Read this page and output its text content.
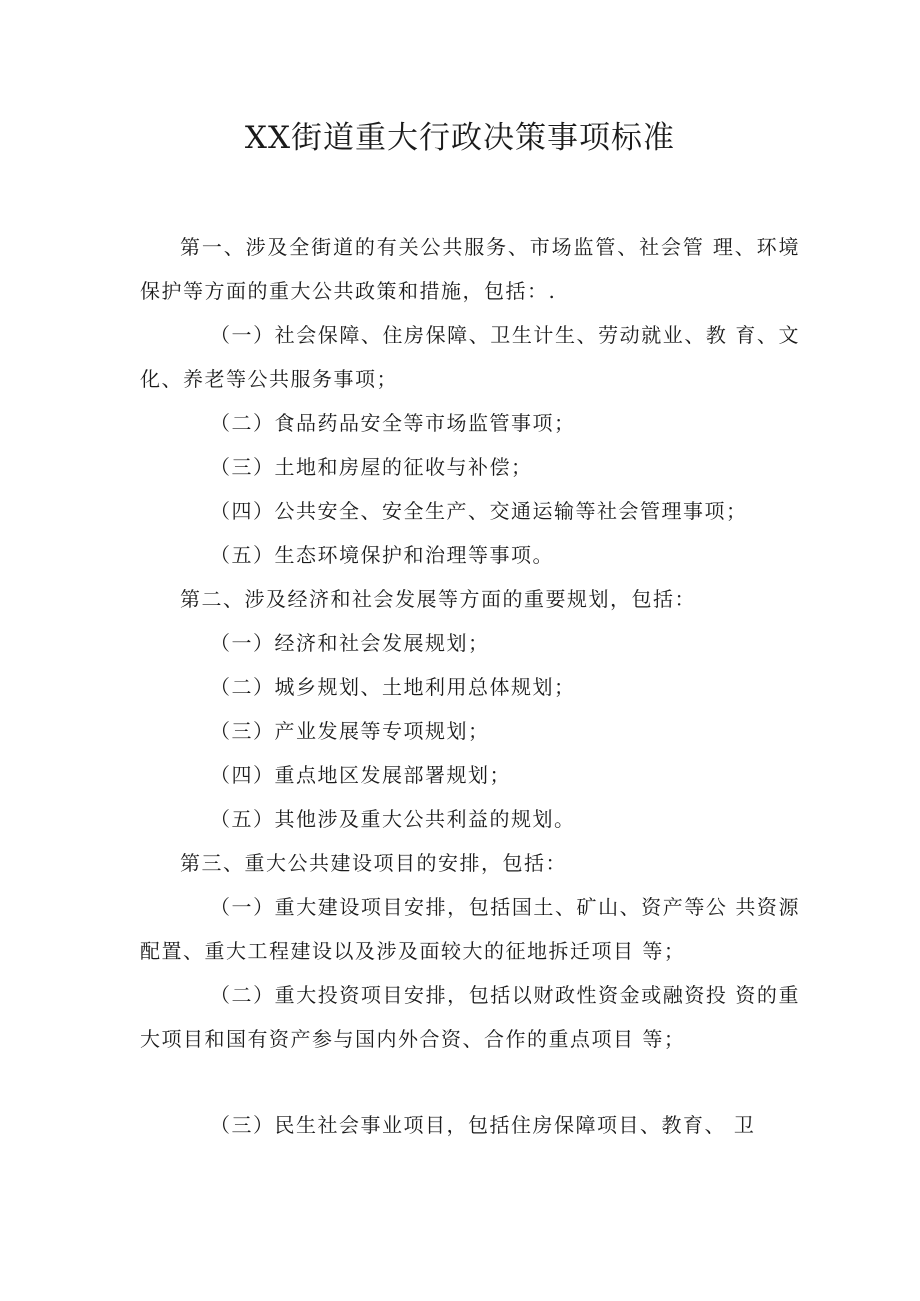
XX街道重大行政决策事项标准

第一、涉及全街道的有关公共服务、市场监管、社会管 理、环境保护等方面的重大公共政策和措施，包括：.

（一）社会保障、住房保障、卫生计生、劳动就业、教 育、文化、养老等公共服务事项；

（二）食品药品安全等市场监管事项；

（三）土地和房屋的征收与补偿；

（四）公共安全、安全生产、交通运输等社会管理事项；

（五）生态环境保护和治理等事项。

第二、涉及经济和社会发展等方面的重要规划，包括：

（一）经济和社会发展规划；

（二）城乡规划、土地利用总体规划；

（三）产业发展等专项规划；

（四）重点地区发展部署规划；

（五）其他涉及重大公共利益的规划。

第三、重大公共建设项目的安排，包括：

（一）重大建设项目安排，包括国土、矿山、资产等公 共资源配置、重大工程建设以及涉及面较大的征地拆迁项目 等；

（二）重大投资项目安排，包括以财政性资金或融资投 资的重大项目和国有资产参与国内外合资、合作的重点项目 等；

（三）民生社会事业项目，包括住房保障项目、教育、 卫
